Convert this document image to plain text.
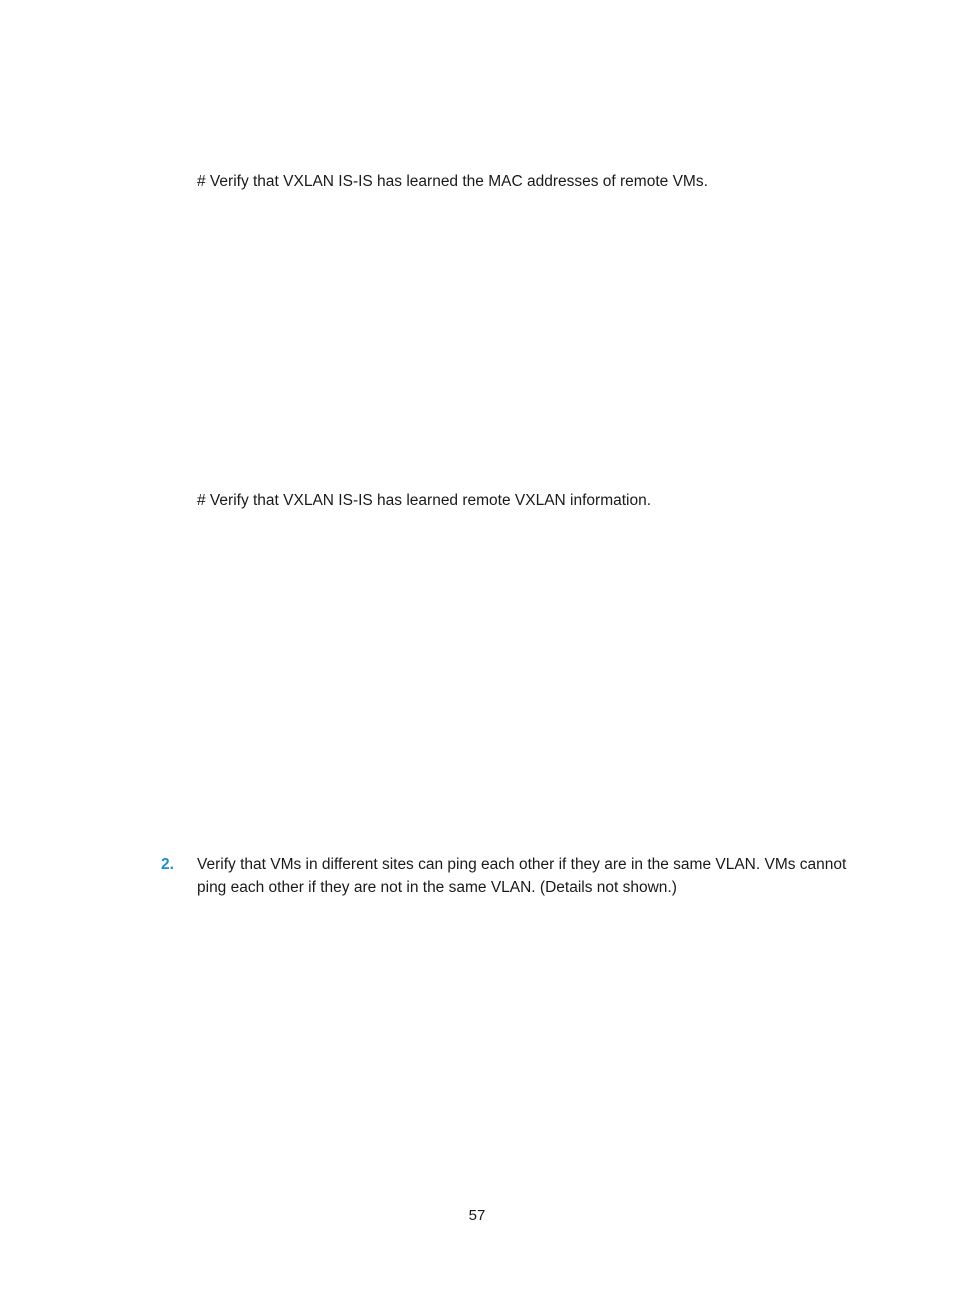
# Verify that VXLAN IS-IS has learned the MAC addresses of remote VMs.

# Verify that VXLAN IS-IS has learned remote VXLAN information.

2. Verify that VMs in different sites can ping each other if they are in the same VLAN. VMs cannot
ping each other if they are not in the same VLAN. (Details not shown.)
57
